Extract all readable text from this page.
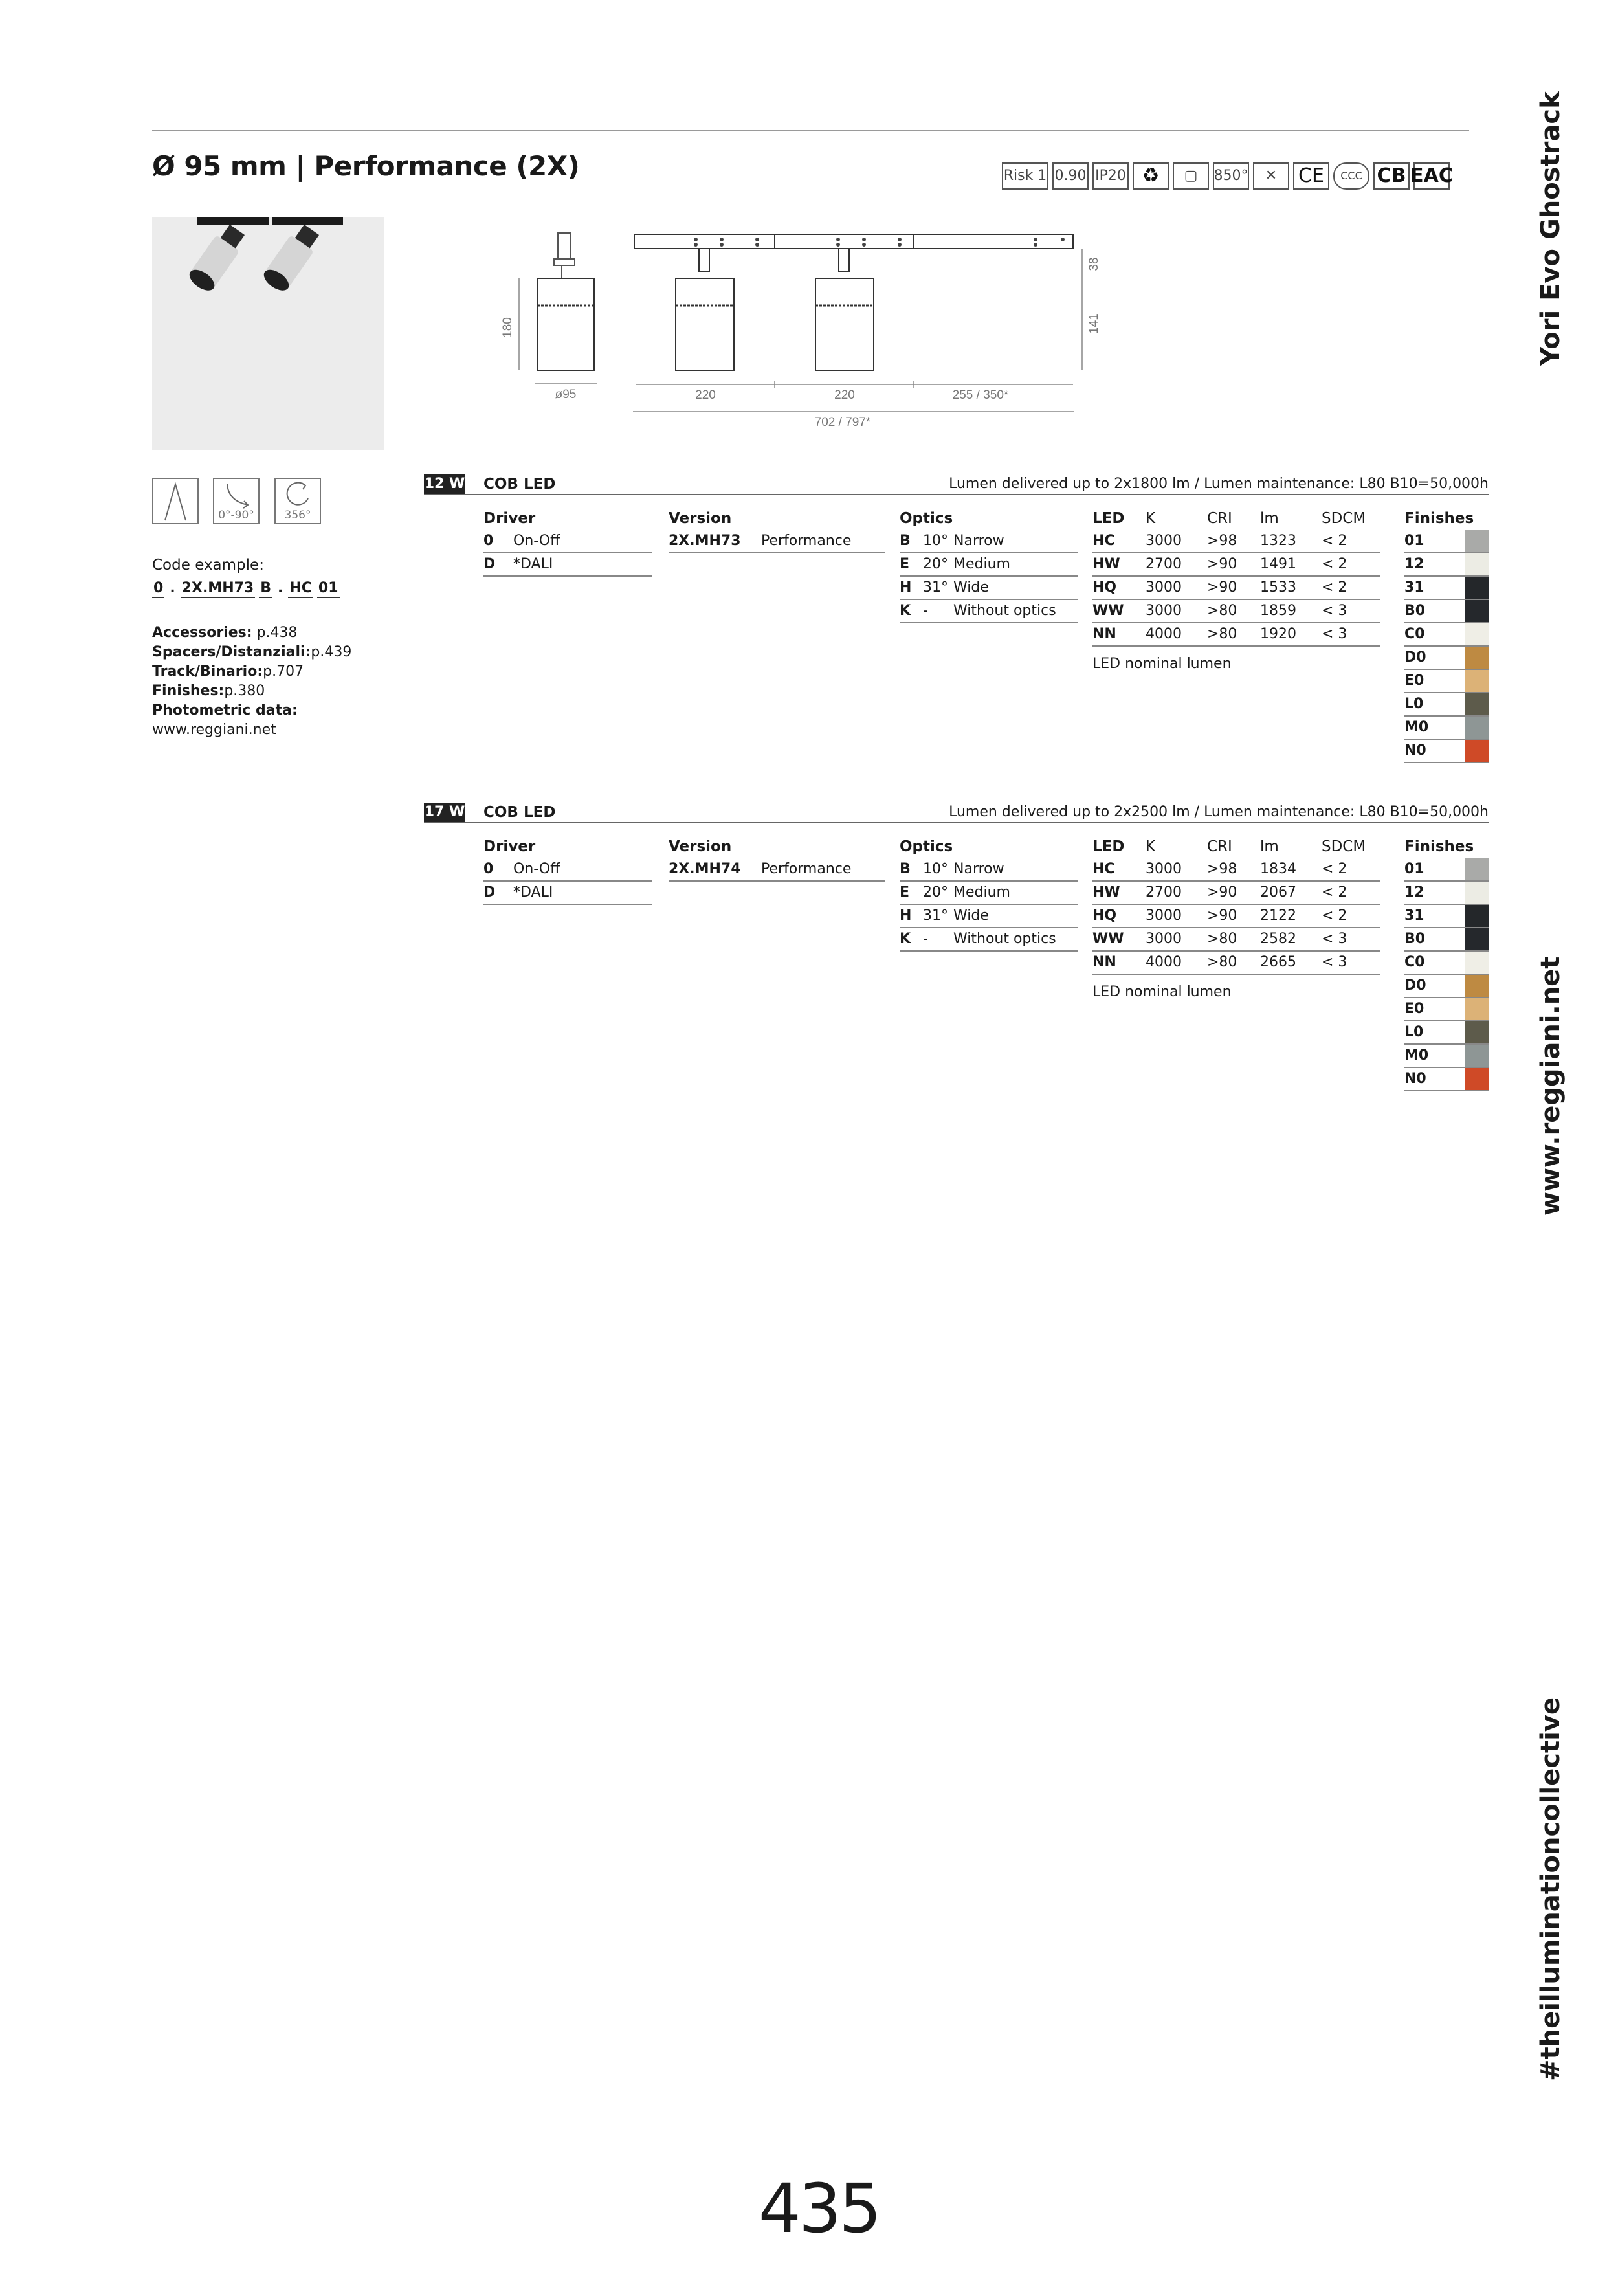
Ø 95 mm | Performance (2X)	Risk 1 0.90 IP20 ♻	▢	850°	✕	CE	CCC CB EAC	Yori Evo Ghostrack
www.reggiani.net
#theilluminationcollective
180
ø95
38
141
220	220	255 / 350*
702 / 797*
0°-90°	356°
Code example:
0 . 2X.MH73 B . HC 01
Accessories: p.438
Spacers/Distanziali:p.439
Track/Binario:p.707
Finishes:p.380
Photometric data:
www.reggiani.net
12 W COB LED	Lumen delivered up to 2x1800 lm / Lumen maintenance: L80 B10=50,000h
Driver
0	On-Off
D	*DALI
Version
2X.MH73	Performance
Optics
B 10° Narrow
E 20° Medium
H 31° Wide
K -	Without optics
LED	K	CRI	lm	SDCM
HC	3000	>98	1323	< 2
HW	2700	>90	1491	< 2
HQ	3000	>90	1533	< 2
WW	3000	>80	1859	< 3
NN	4000	>80	1920	< 3
LED nominal lumen
Finishes
01
12
31
B0
C0
D0
E0
L0
M0
N0
17 W COB LED	Lumen delivered up to 2x2500 lm / Lumen maintenance: L80 B10=50,000h
Driver
0	On-Off
D	*DALI
Version
2X.MH74	Performance
Optics
B 10° Narrow
E 20° Medium
H 31° Wide
K -	Without optics
LED	K	CRI	lm	SDCM
HC	3000	>98	1834	< 2
HW	2700	>90	2067	< 2
HQ	3000	>90	2122	< 2
WW	3000	>80	2582	< 3
NN	4000	>80	2665	< 3
LED nominal lumen
Finishes
01
12
31
B0
C0
D0
E0
L0
M0
N0
435
